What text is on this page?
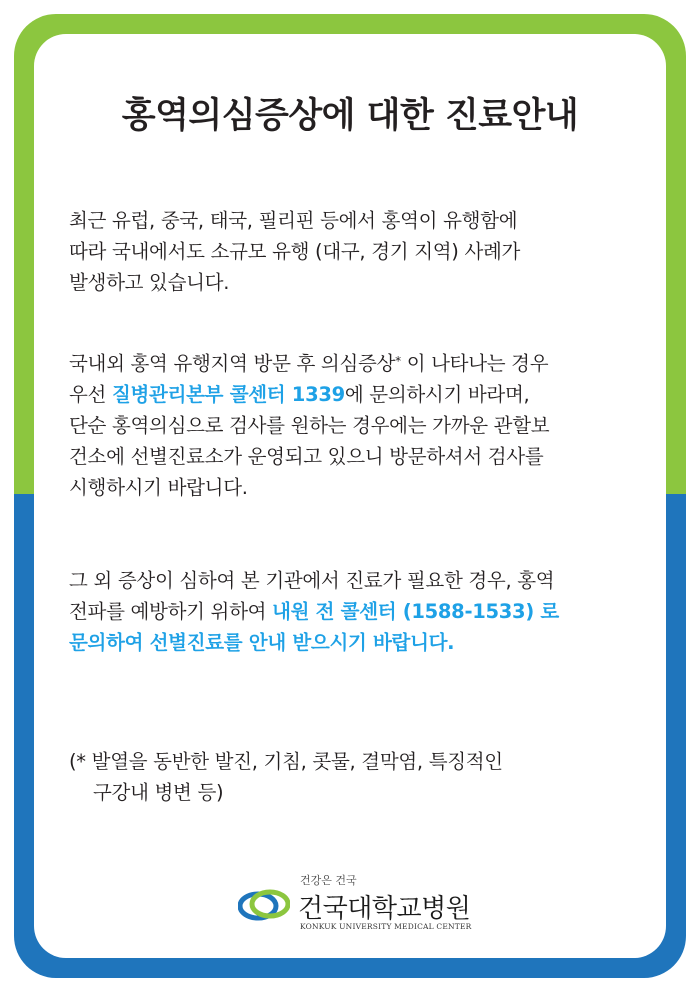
홍역의심증상에 대한 진료안내

최근 유럽, 중국, 태국, 필리핀 등에서 홍역이 유행함에
따라 국내에서도 소규모 유행 (대구, 경기 지역) 사례가
발생하고 있습니다.

국내외 홍역 유행지역 방문 후 의심증상* 이 나타나는 경우
우선 질병관리본부 콜센터 1339에 문의하시기 바라며,
단순 홍역의심으로 검사를 원하는 경우에는 가까운 관할보
건소에 선별진료소가 운영되고 있으니 방문하셔서 검사를
시행하시기 바랍니다.

그 외 증상이 심하여 본 기관에서 진료가 필요한 경우, 홍역
전파를 예방하기 위하여 내원 전 콜센터 (1588-1533) 로
문의하여 선별진료를 안내 받으시기 바랍니다.

(* 발열을 동반한 발진, 기침, 콧물, 결막염, 특징적인
구강내 병변 등)
건강은 건국
건국대학교병원
KONKUK UNIVERSITY MEDICAL CENTER
